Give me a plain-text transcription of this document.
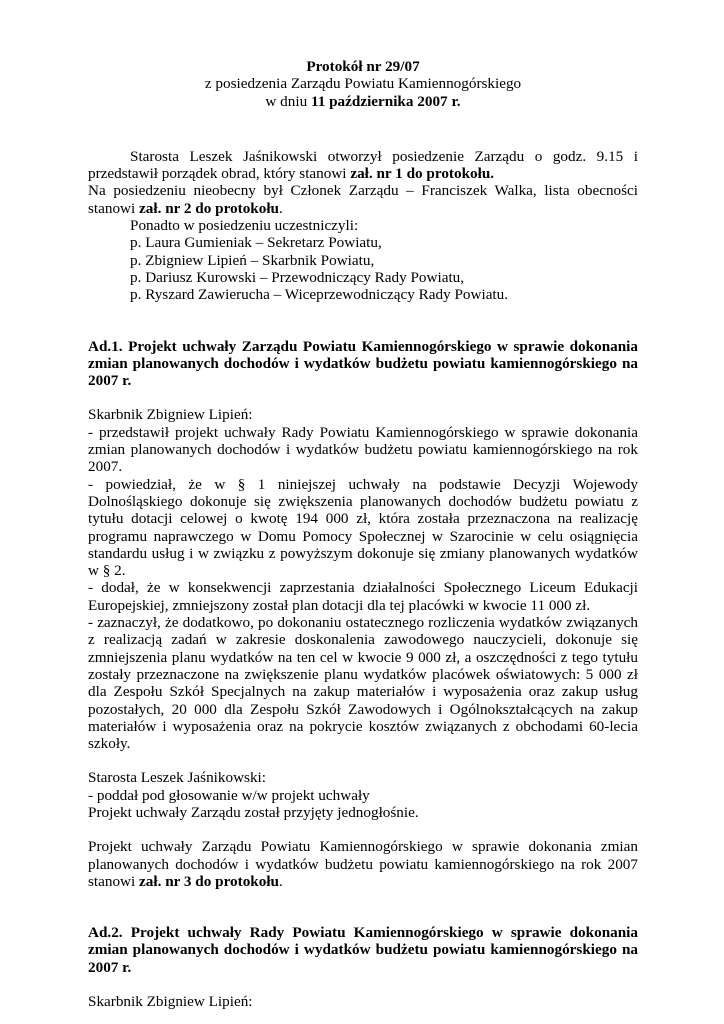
Protokół nr 29/07

z posiedzenia Zarządu Powiatu Kamiennogórskiego

w dniu 11 października 2007 r.

Starosta Leszek Jaśnikowski otworzył posiedzenie Zarządu o godz. 9.15 i przedstawił porządek obrad, który stanowi zał. nr 1 do protokołu.

Na posiedzeniu nieobecny był Członek Zarządu – Franciszek Walka, lista obecności stanowi zał. nr 2 do protokołu.

Ponadto w posiedzeniu uczestniczyli:

p. Laura Gumieniak – Sekretarz Powiatu,

p. Zbigniew Lipień – Skarbnik Powiatu,

p. Dariusz Kurowski – Przewodniczący Rady Powiatu,

p. Ryszard Zawierucha – Wiceprzewodniczący Rady Powiatu.

Ad.1. Projekt uchwały Zarządu Powiatu Kamiennogórskiego w sprawie dokonania zmian planowanych dochodów i wydatków budżetu powiatu kamiennogórskiego na 2007 r.

Skarbnik Zbigniew Lipień:

- przedstawił projekt uchwały Rady Powiatu Kamiennogórskiego w sprawie dokonania zmian planowanych dochodów i wydatków budżetu powiatu kamiennogórskiego na rok 2007.

- powiedział, że w § 1 niniejszej uchwały na podstawie Decyzji Wojewody Dolnośląskiego dokonuje się zwiększenia planowanych dochodów budżetu powiatu z tytułu dotacji celowej o kwotę 194 000 zł, która została przeznaczona na realizację programu naprawczego w Domu Pomocy Społecznej w Szarocinie w celu osiągnięcia standardu usług i w związku z powyższym dokonuje się zmiany planowanych wydatków w § 2.

- dodał, że w konsekwencji zaprzestania działalności Społecznego Liceum Edukacji Europejskiej, zmniejszony został plan dotacji dla tej placówki w kwocie 11 000 zł.

- zaznaczył, że dodatkowo, po dokonaniu ostatecznego rozliczenia wydatków związanych z realizacją zadań w zakresie doskonalenia zawodowego nauczycieli, dokonuje się zmniejszenia planu wydatków na ten cel w kwocie 9 000 zł, a oszczędności z tego tytułu zostały przeznaczone na zwiększenie planu wydatków placówek oświatowych: 5 000 zł dla Zespołu Szkół Specjalnych na zakup materiałów i wyposażenia oraz zakup usług pozostałych, 20 000 dla Zespołu Szkół Zawodowych i Ogólnokształcących na zakup materiałów i wyposażenia oraz na pokrycie kosztów związanych z obchodami 60-lecia szkoły.

Starosta Leszek Jaśnikowski:

- poddał pod głosowanie w/w projekt uchwały

Projekt uchwały Zarządu został przyjęty jednogłośnie.

Projekt uchwały Zarządu Powiatu Kamiennogórskiego w sprawie dokonania zmian planowanych dochodów i wydatków budżetu powiatu kamiennogórskiego na rok 2007 stanowi zał. nr 3 do protokołu.

Ad.2. Projekt uchwały Rady Powiatu Kamiennogórskiego w sprawie dokonania zmian planowanych dochodów i wydatków budżetu powiatu kamiennogórskiego na 2007 r.

Skarbnik Zbigniew Lipień:
